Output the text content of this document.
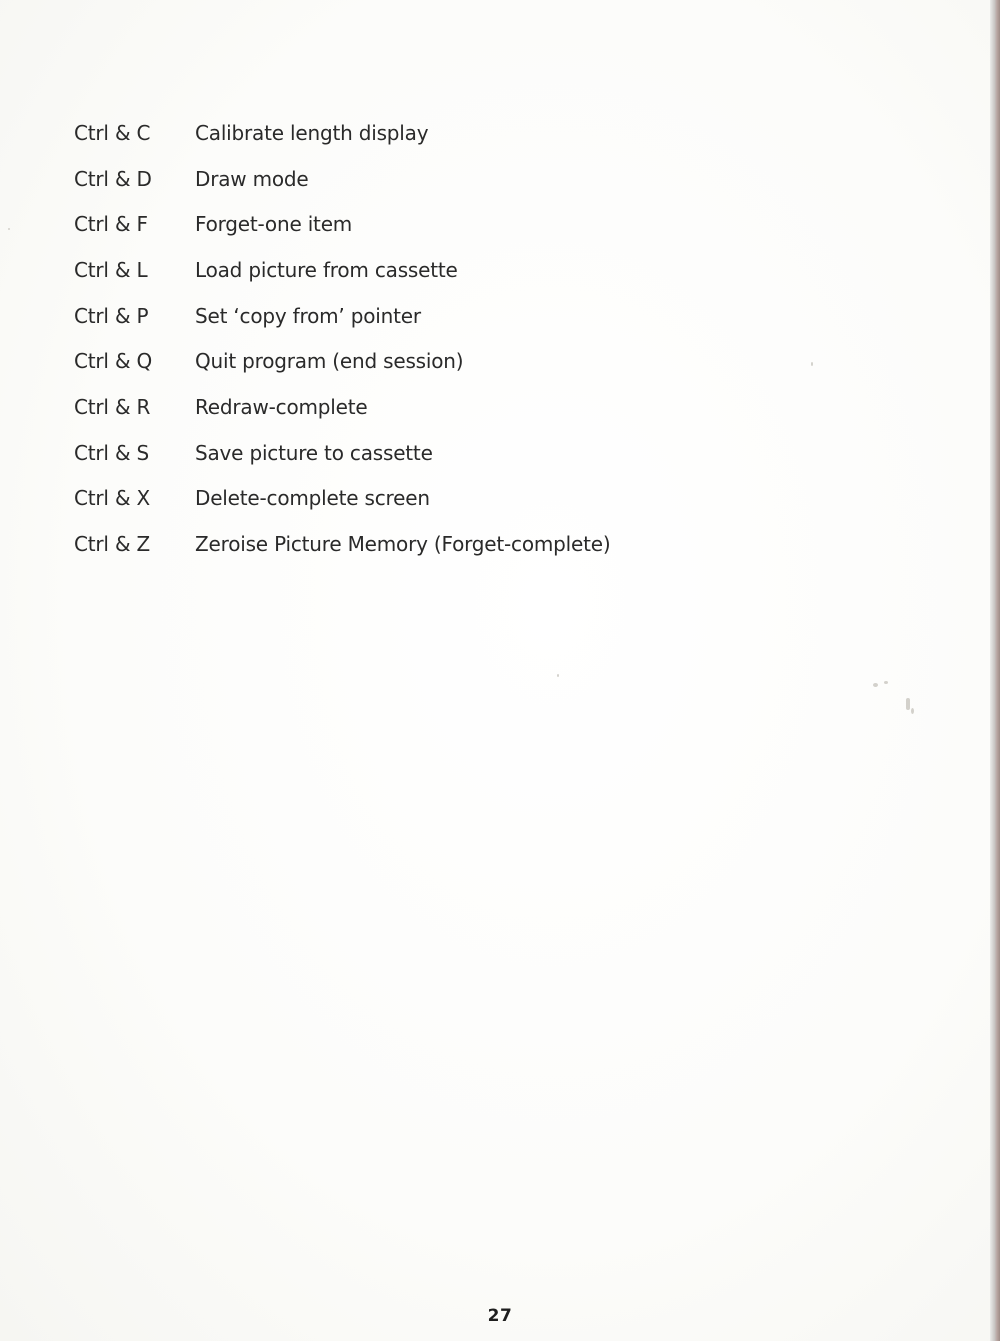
Ctrl & C	Calibrate length display
Ctrl & D	Draw mode
Ctrl & F	Forget-one item
Ctrl & L	Load picture from cassette
Ctrl & P	Set ‘copy from’ pointer
Ctrl & Q	Quit program (end session)
Ctrl & R	Redraw-complete
Ctrl & S	Save picture to cassette
Ctrl & X	Delete-complete screen
Ctrl & Z	Zeroise Picture Memory (Forget-complete)
27
